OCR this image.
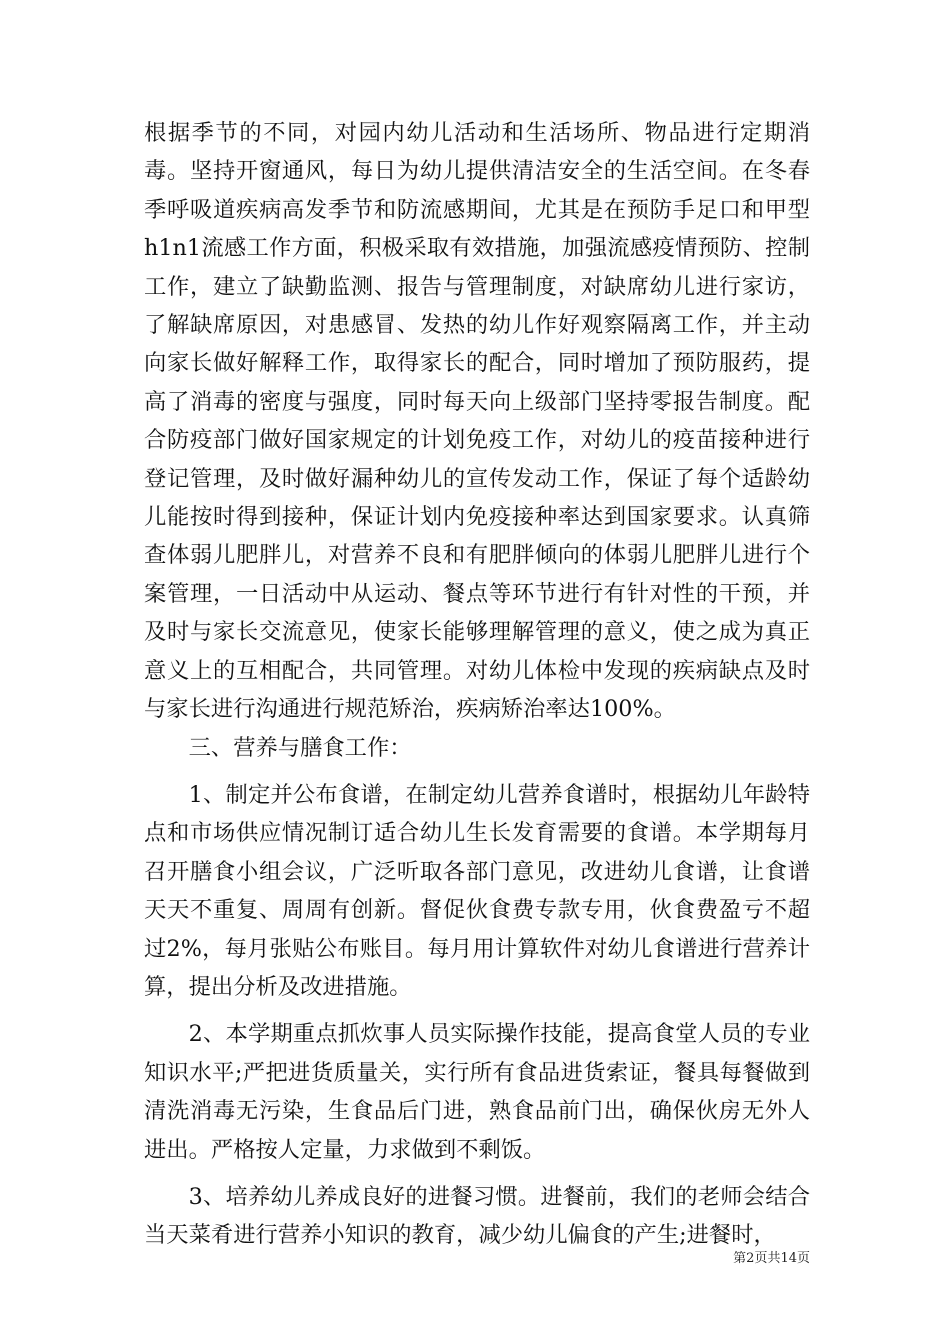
根据季节的不同，对园内幼儿活动和生活场所、物品进行定期消毒。坚持开窗通风，每日为幼儿提供清洁安全的生活空间。在冬春季呼吸道疾病高发季节和防流感期间，尤其是在预防手足口和甲型h1n1流感工作方面，积极采取有效措施，加强流感疫情预防、控制工作，建立了缺勤监测、报告与管理制度，对缺席幼儿进行家访，了解缺席原因，对患感冒、发热的幼儿作好观察隔离工作，并主动向家长做好解释工作，取得家长的配合，同时增加了预防服药，提高了消毒的密度与强度，同时每天向上级部门坚持零报告制度。配合防疫部门做好国家规定的计划免疫工作，对幼儿的疫苗接种进行登记管理，及时做好漏种幼儿的宣传发动工作，保证了每个适龄幼儿能按时得到接种，保证计划内免疫接种率达到国家要求。认真筛查体弱儿肥胖儿，对营养不良和有肥胖倾向的体弱儿肥胖儿进行个案管理，一日活动中从运动、餐点等环节进行有针对性的干预，并及时与家长交流意见，使家长能够理解管理的意义，使之成为真正意义上的互相配合，共同管理。对幼儿体检中发现的疾病缺点及时与家长进行沟通进行规范矫治，疾病矫治率达100%。

三、营养与膳食工作：

1、制定并公布食谱，在制定幼儿营养食谱时，根据幼儿年龄特点和市场供应情况制订适合幼儿生长发育需要的食谱。本学期每月召开膳食小组会议，广泛听取各部门意见，改进幼儿食谱，让食谱天天不重复、周周有创新。督促伙食费专款专用，伙食费盈亏不超过2%，每月张贴公布账目。每月用计算软件对幼儿食谱进行营养计算，提出分析及改进措施。

2、本学期重点抓炊事人员实际操作技能，提高食堂人员的专业知识水平;严把进货质量关，实行所有食品进货索证，餐具每餐做到清洗消毒无污染，生食品后门进，熟食品前门出，确保伙房无外人进出。严格按人定量，力求做到不剩饭。

3、培养幼儿养成良好的进餐习惯。进餐前，我们的老师会结合当天菜肴进行营养小知识的教育，减少幼儿偏食的产生;进餐时，

第2页共14页
